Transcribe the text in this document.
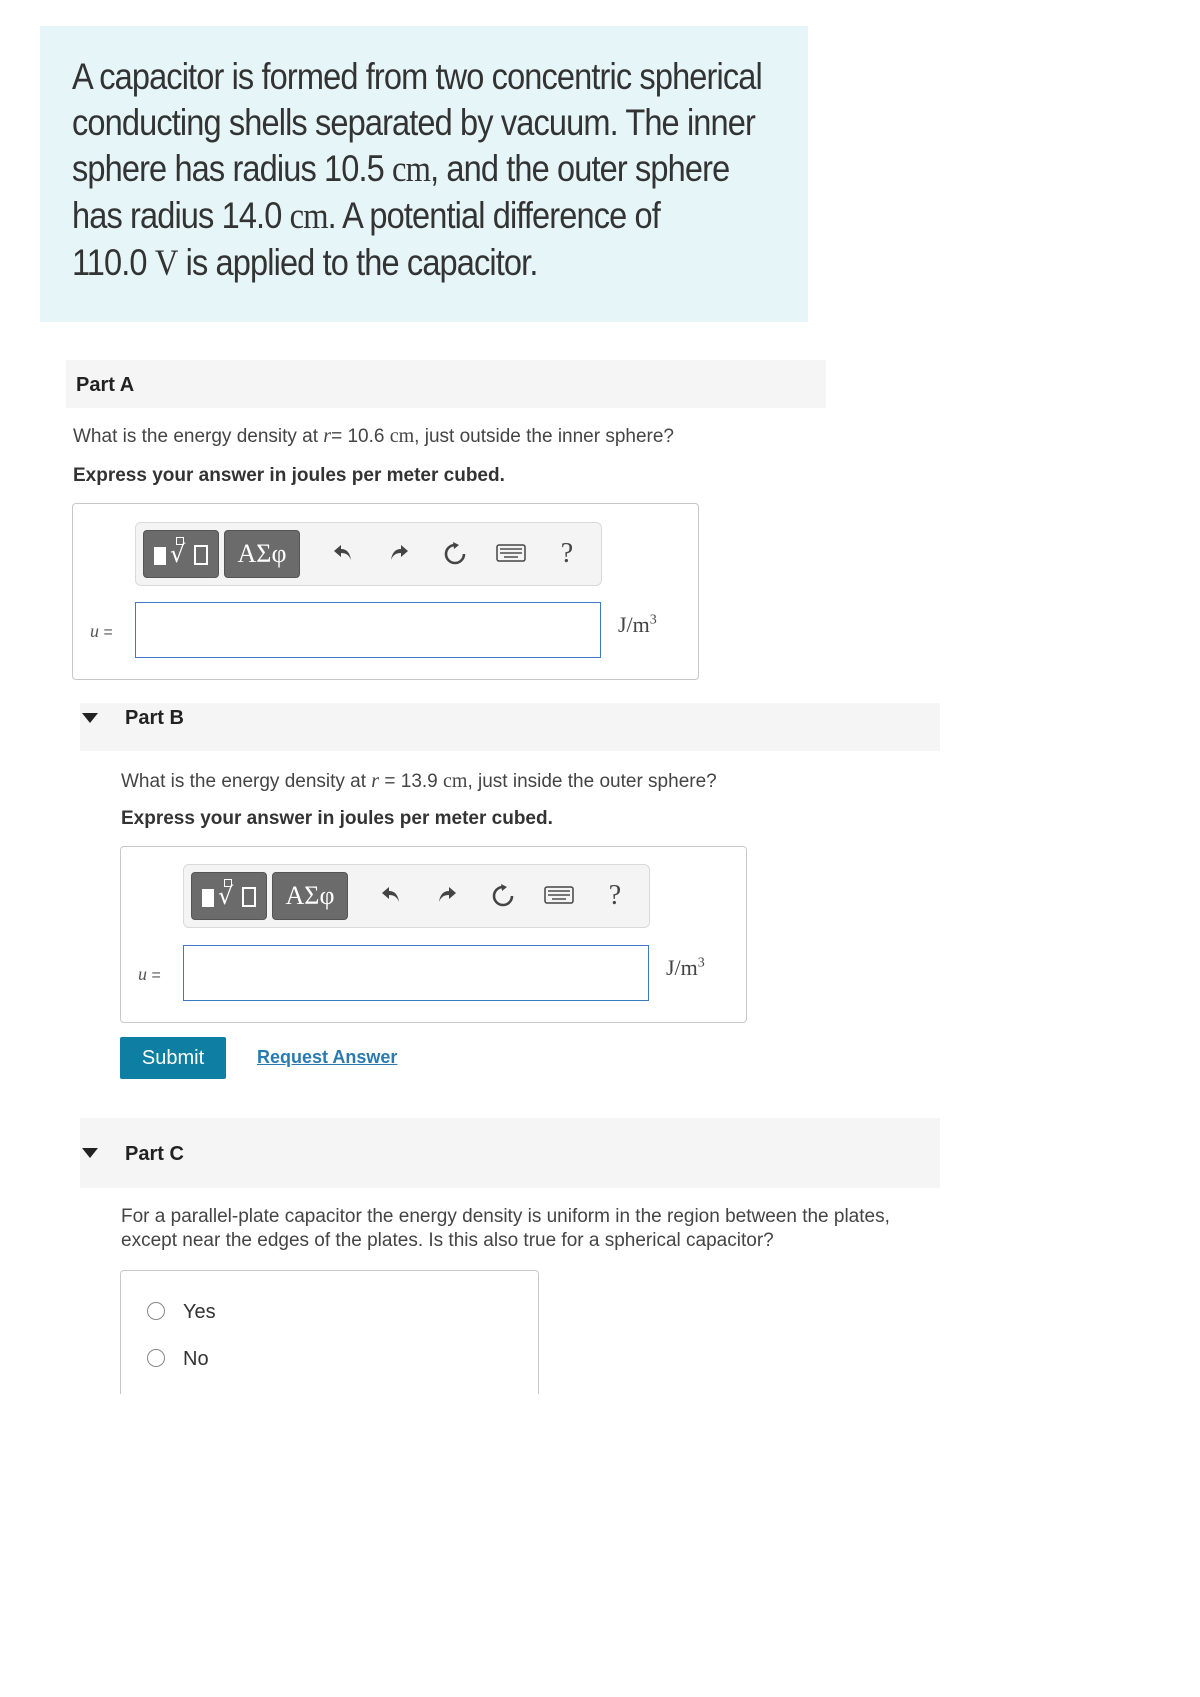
A capacitor is formed from two concentric spherical
conducting shells separated by vacuum. The inner
sphere has radius 10.5 cm, and the outer sphere
has radius 14.0 cm. A potential difference of
110.0 V is applied to the capacitor.

Part A
What is the energy density at r= 10.6 cm, just outside the inner sphere?
Express your answer in joules per meter cubed.
√	ΑΣφ	?
u =	$J/m^3$
Part B
What is the energy density at r = 13.9 cm, just inside the outer sphere?
Express your answer in joules per meter cubed.
√	ΑΣφ	?
u =	$J/m^3$
Submit	Request Answer
Part C
For a parallel-plate capacitor the energy density is uniform in the region between the plates,
except near the edges of the plates. Is this also true for a spherical capacitor?
Yes
No
